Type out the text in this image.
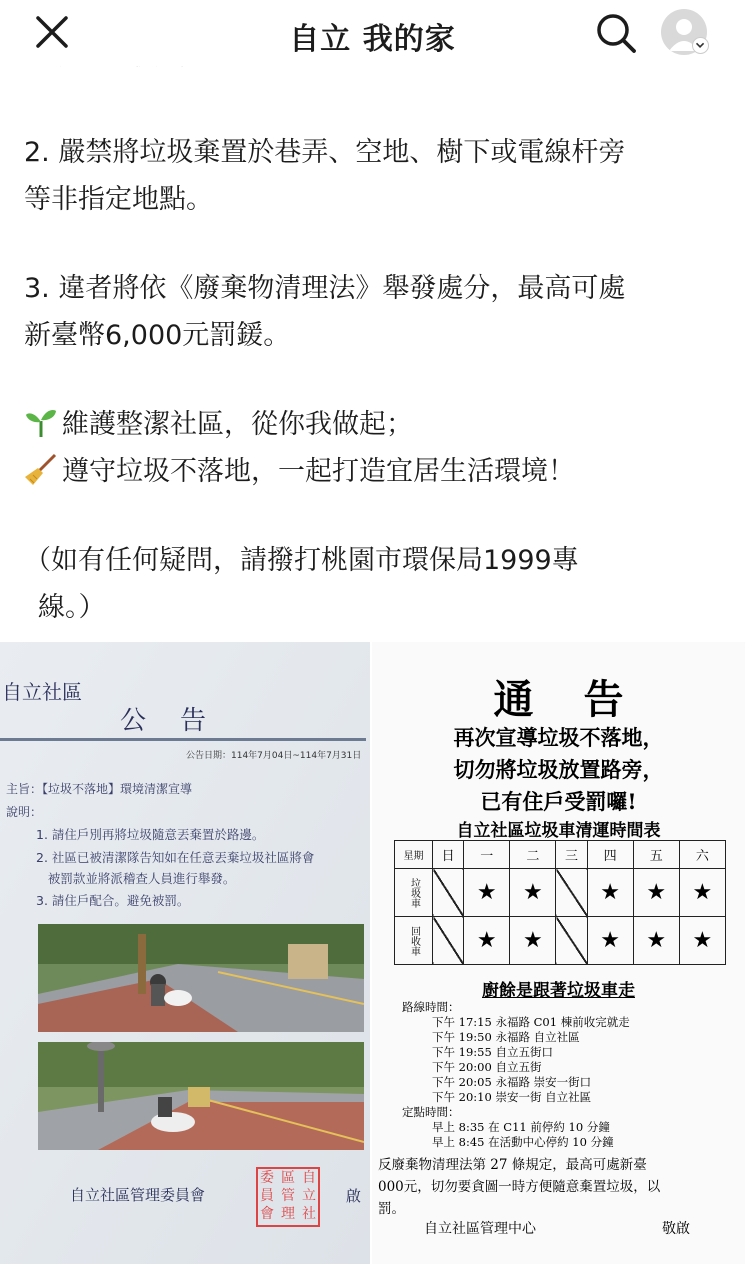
自立 我的家

2. 嚴禁將垃圾棄置於巷弄、空地、樹下或電線杆旁
等非指定地點。

3. 違者將依《廢棄物清理法》舉發處分，最高可處
新臺幣6,000元罰鍰。

維護整潔社區，從你我做起；

遵守垃圾不落地，一起打造宜居生活環境！

（如有任何疑問，請撥打桃園市環保局1999專
線。）

自立社區
公告
公告日期：114年7月04日~114年7月31日
主旨：【垃圾不落地】環境清潔宣導
說明：
1. 請住戶別再將垃圾隨意丟棄置於路邊。
2. 社區已被清潔隊告知如在任意丟棄垃圾社區將會
被罰款並將派稽查人員進行舉發。
3. 請住戶配合。避免被罰。
自立社區管理委員會
自
立
社
區
管
理
委
員
會
啟
通告
再次宣導垃圾不落地，
切勿將垃圾放置路旁，
已有住戶受罰囉!
自立社區垃圾車清運時間表
星期	日	一	二	三	四	五	六
垃圾車		★	★		★	★	★
回收車		★	★		★	★	★
廚餘是跟著垃圾車走
路線時間：
下午 17:15 永福路 C01 棟前收完就走
下午 19:50 永福路 自立社區
下午 19:55 自立五街口
下午 20:00 自立五街
下午 20:05 永福路 崇安一街口
下午 20:10 崇安一街 自立社區
定點時間：
早上 8:35 在 C11 前停約 10 分鐘
早上 8:45 在活動中心停約 10 分鐘
反廢棄物清理法第 27 條規定，最高可處新臺
000元，切勿要貪圖一時方便隨意棄置垃圾，以
罰。
自立社區管理中心	敬啟
